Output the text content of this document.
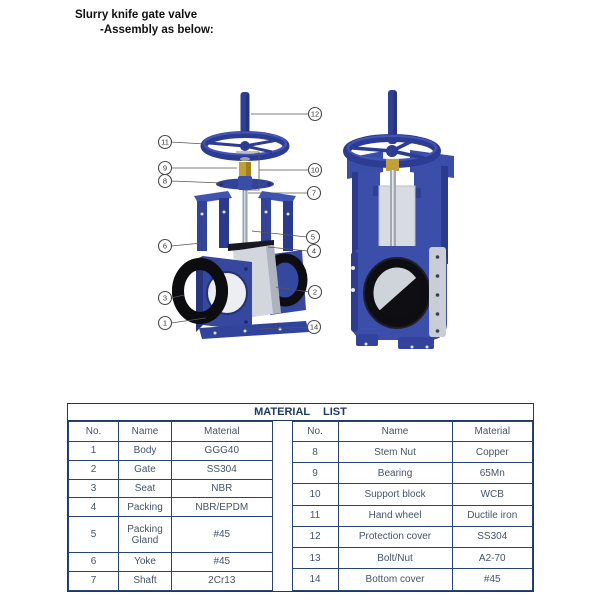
Slurry knife gate valve
-Assembly as below:
12
11
9
8
10
7
6
5
4
3
2
1	14
MATERIAL LIST
No.	Name	Material
1	Body	GGG40
2	Gate	SS304
3	Seat	NBR
4	Packing	NBR/EPDM
5	Packing Gland	#45
6	Yoke	#45
7	Shaft	2Cr13
No.	Name	Material
8	Stem Nut	Copper
9	Bearing	65Mn
10	Support block	WCB
11	Hand wheel	Ductile iron
12	Protection cover	SS304
13	Bolt/Nut	A2-70
14	Bottom cover	#45
